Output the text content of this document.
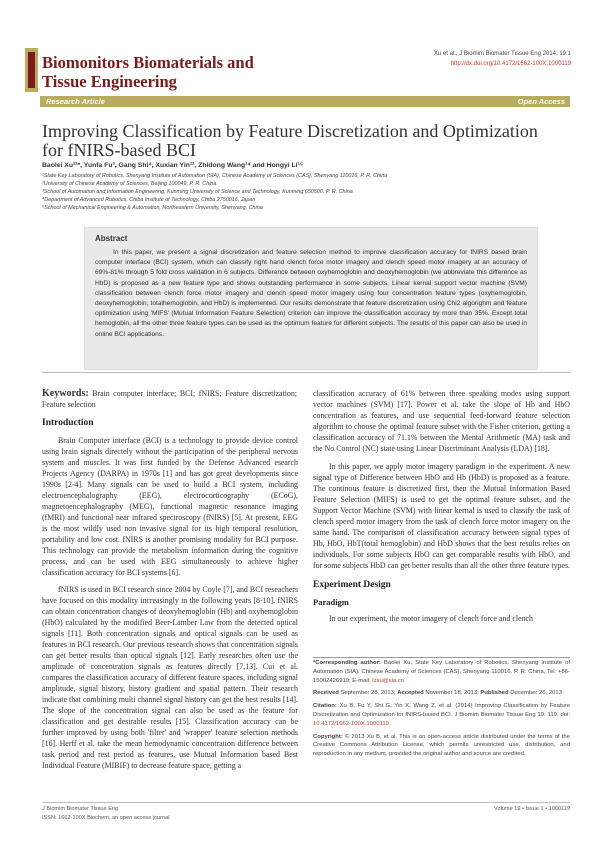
Biomonitors Biomaterials and
Tissue Engineering
Xu et al., J Biomim Biomater Tissue Eng 2014, 19:1
http://dx.doi.org/10.4172/1662-100X.1000119
Research Article	Open Access
Improving Classification by Feature Discretization and Optimization for fNIRS-based BCI
Baolei Xu¹²*, Yunfa Fu³, Gang Shi⁴, Xuxian Yin¹², Zhidong Wang¹⁴ and Hongyi Li¹⁵
¹State Key Laboratory of Robotics, Shenyang Institute of Automation (SIA), Chinese Academy of Sciences (CAS), Shenyang 110016, P. R. China
²University of Chinese Academy of Sciences, Beijing 100049, P. R. China
³School of Automation and Information Engineering, Kunming University of Science and Technology, Kunming 650500, P. R. China
⁴Department of Advanced Robotics, Chiba Institute of Technology, Chiba 2750016, Japan
⁵School of Mechanical Engineering & Automation, Northeastern University, Shenyang, China
Abstract

In this paper, we present a signal discretization and feature selection method to improve classification accuracy for fNIRS based brain computer interface (BCI) system, which can classify right hand clench force motor imagery and clench speed motor imagery at an accuracy of 69%-81% through 5 fold cross validation in 6 subjects. Difference between oxyhemoglobin and deoxyhemoglobin (we abbreviate this difference as HbD) is proposed as a new feature type and shows outstanding performance in some subjects. Linear kernal support vector machine (SVM) classification between clench force motor imagery and clench speed motor imagery using four concentration feature types (oxyhemoglobin, deoxyhemoglobin, totalhemoglobin, and HbD) is implemented. Our results demonstrate that feature discretization using Chi2 algorighm and feature optimization using 'MIFS' (Mutual Information Feature Selection) criterion can improve the classification accuracy by more than 35%. Except total hemoglobin, all the other three feature types can be used as the optimum feature for different subjects. The results of this paper can also be used in online BCI applications.

Keywords: Brain computer interface; BCI; fNIRS; Feature discretization; Feature selection
Introduction

Brain Computer interface (BCI) is a technology to provide device control using brain signals directely without the participation of the peripheral nervous system and muscles. It was first funded by the Defense Advanced esearch Projects Agency (DARPA) in 1970s [1] and has got great developments since 1990s [2-4]. Many signals can be used to build a BCI system, including electroencephalography (EEG), electrocorticography (ECoG), magnetoencephalography (MEG), functional magnetic resonance imaging (fMRI) and functional near infrared spectroscopy (fNIRS) [5]. At present, EEG is the most wildly used non invasive signal for its high temporal resolution, portability and low cost. fNIRS is another promising modality for BCI purpose. This technology can provide the metabolism information during the cognitive process, and can be used with EEG simultaneously to achieve higher classification accuracy for BCI systems [6].

fNIRS is used in BCI research since 2004 by Coyle [7], and BCI reseachers have focused on this modality increasingly in the following years [8-10]. fNIRS can obtain concentration changes of deoxyhemoglobin (Hb) and oxyhemoglobin (HbO) calculated by the modified Beer-Lamber Law from the detected optical signals [11]. Both concentration signals and optical signals can be used as features in BCI research. Our previous research shows that concentration signals can get better results than optical signals [12]. Early researches often use the amplitude of concentration signals as features directly [7,13]. Cui et al. compares the classification accuracy of different feature spaces, including signal amplitude, signal history, history gradient and spatial pattern. Their research indicate that combining multi channel signal history can get the best results [14]. The slope of the concentration signal can also be used as the feature for classification and get desirable results [15]. Classification accuracy can be further improved by using both 'filter' and 'wrapper' feature selection methods [16]. Herff et al. take the mean hemodynamic concentration difference between task period and rest period as features, use Mutual Information based Best Individual Feature (MIBIF) to decrease feature space, getting a

classification accuracy of 61% between three speaking modes using support vector machines (SVM) [17]. Power et al. take the slope of Hb and HbO concentration as features, and use sequential feed-forward feature selection algorithm to choose the optimal feature subset with the Fisher criterion, getting a classification accuracy of 71.1% between the Mental Arithmetic (MA) task and the No Control (NC) state using Linear Discriminant Analysis (LDA) [18].

In this paper, we apply motor imagery paradigm in the experiment. A new signal type of Difference between HbO and Hb (HbD) is proposed as a feature. The continous feature is discretized first, then the Mutual Information Based Feature Selection (MIFS) is used to get the optimal feature subset, and the Support Vector Machine (SVM) with linear kernal is used to classify the task of clench speed motor imagery from the task of clench force motor imagery on the same hand. The comparison of classification accuracy between signal types of Hb, HbO, HbT(total hemoglobin) and HbD shows that the best results relies on individuals. For some subjects HbO can get comparable results with HbO, and for some subjects HbD can get better results than all the other three feature types.

Experiment Design
Paradigm

In our experiment, the motor imagery of clench force and clench

*Corresponding author: Baolei Xu, State Key Laboratory of Robotics, Shenyang Institute of Automation (SIA), Chinese Academy of Sciences (CAS), Shenyang 110016, P. R. China, Tel: +86-15002426919; E-mail: lzxu@sia.cn

Received September 28, 2013; Accepted November 18, 2013; Published December 26, 2013

Citation: Xu B, Fu Y, Shi G, Yin X, Wang Z, et al. (2014) Improving Classification by Feature Discretization and Optimization for fNIRS-based BCI. J Biomim Biomater Tissue Eng 19: 119. doi: 10.4172/1662-100X.1000119

Copyright: © 2013 Xu B, et al. This is an open-access article distributed under the terms of the Creative Commons Attribution License, which permits unrestricted use, distribution, and reproduction in any medium, provided the original author and source are credited.

J Biomim Biomater Tissue Eng
ISSN: 1662-100X Biochem, an open access journal
Volume 19 • Issue 1 • 1000119
